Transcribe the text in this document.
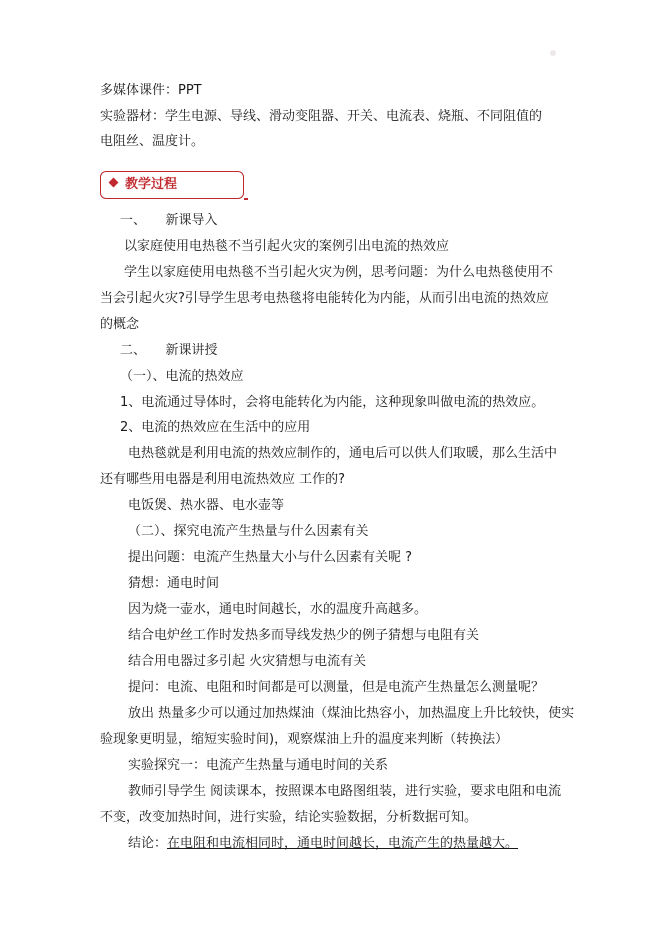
多媒体课件：PPT
实验器材：学生电源、导线、滑动变阻器、开关、电流表、烧瓶、不同阻值的
电阻丝、温度计。
教学过程
一、　　新课导入
以家庭使用电热毯不当引起火灾的案例引出电流的热效应
学生以家庭使用电热毯不当引起火灾为例，思考问题：为什么电热毯使用不
当会引起火灾?引导学生思考电热毯将电能转化为内能，从而引出电流的热效应
的概念
二、　　新课讲授
（一）、电流的热效应
1、电流通过导体时，会将电能转化为内能，这种现象叫做电流的热效应。
2、电流的热效应在生活中的应用
电热毯就是利用电流的热效应制作的，通电后可以供人们取暖，那么生活中
还有哪些用电器是利用电流热效应 工作的?
电饭煲、热水器、电水壶等
（二）、探究电流产生热量与什么因素有关
提出问题：电流产生热量大小与什么因素有关呢 ?
猜想：通电时间
因为烧一壶水，通电时间越长，水的温度升高越多。
结合电炉丝工作时发热多而导线发热少的例子猜想与电阻有关
结合用电器过多引起 火灾猜想与电流有关
提问：电流、电阻和时间都是可以测量，但是电流产生热量怎么测量呢？
放出 热量多少可以通过加热煤油（煤油比热容小，加热温度上升比较快，使实
验现象更明显，缩短实验时间)，观察煤油上升的温度来判断（转换法）
实验探究一：电流产生热量与通电时间的关系
教师引导学生 阅读课本，按照课本电路图组装，进行实验，要求电阻和电流
不变，改变加热时间，进行实验，结论实验数据，分析数据可知。
结论：在电阻和电流相同时，通电时间越长，电流产生的热量越大。
